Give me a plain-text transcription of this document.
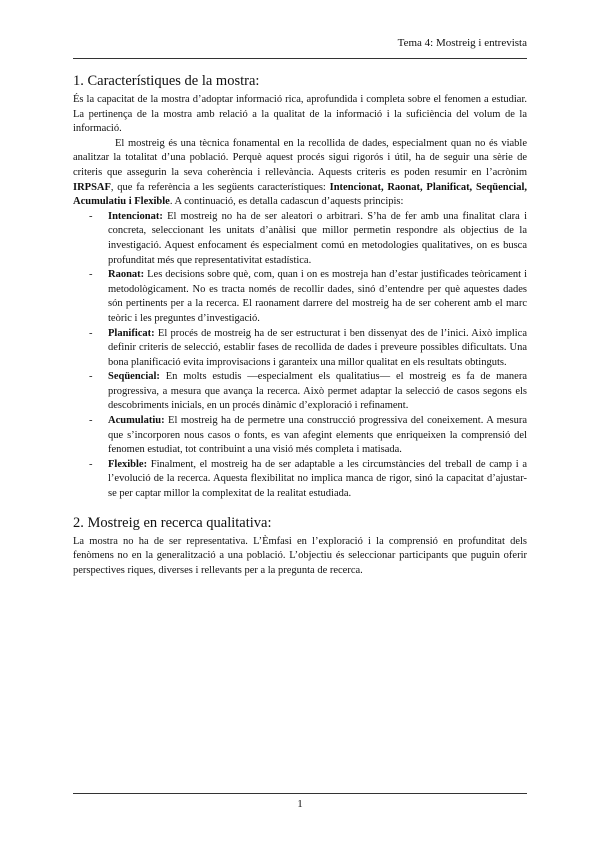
Tema 4: Mostreig i entrevista
1. Característiques de la mostra:

És la capacitat de la mostra d’adoptar informació rica, aprofundida i completa sobre el fenomen a estudiar. La pertinença de la mostra amb relació a la qualitat de la informació i la suficiència del volum de la informació.

El mostreig és una tècnica fonamental en la recollida de dades, especialment quan no és viable analitzar la totalitat d’una població. Perquè aquest procés sigui rigorós i útil, ha de seguir una sèrie de criteris que assegurin la seva coherència i rellevància. Aquests criteris es poden resumir en l’acrònim IRPSAF, que fa referència a les següents característiques: Intencionat, Raonat, Planificat, Seqüencial, Acumulatiu i Flexible. A continuació, es detalla cadascun d’aquests principis:

- Intencionat: El mostreig no ha de ser aleatori o arbitrari. S’ha de fer amb una finalitat clara i concreta, seleccionant les unitats d’anàlisi que millor permetin respondre als objectius de la investigació. Aquest enfocament és especialment comú en metodologies qualitatives, on es busca profunditat més que representativitat estadística.
- Raonat: Les decisions sobre què, com, quan i on es mostreja han d’estar justificades teòricament i metodològicament. No es tracta només de recollir dades, sinó d’entendre per què aquestes dades són pertinents per a la recerca. El raonament darrere del mostreig ha de ser coherent amb el marc teòric i les preguntes d’investigació.
- Planificat: El procés de mostreig ha de ser estructurat i ben dissenyat des de l’inici. Això implica definir criteris de selecció, establir fases de recollida de dades i preveure possibles dificultats. Una bona planificació evita improvisacions i garanteix una millor qualitat en els resultats obtinguts.
- Seqüencial: En molts estudis —especialment els qualitatius— el mostreig es fa de manera progressiva, a mesura que avança la recerca. Això permet adaptar la selecció de casos segons els descobriments inicials, en un procés dinàmic d’exploració i refinament.
- Acumulatiu: El mostreig ha de permetre una construcció progressiva del coneixement. A mesura que s’incorporen nous casos o fonts, es van afegint elements que enriqueixen la comprensió del fenomen estudiat, tot contribuint a una visió més completa i matisada.
- Flexible: Finalment, el mostreig ha de ser adaptable a les circumstàncies del treball de camp i a l’evolució de la recerca. Aquesta flexibilitat no implica manca de rigor, sinó la capacitat d’ajustar-se per captar millor la complexitat de la realitat estudiada.
2. Mostreig en recerca qualitativa:

La mostra no ha de ser representativa. L’Èmfasi en l’exploració i la comprensió en profunditat dels fenòmens no en la generalització a una població. L’objectiu és seleccionar participants que puguin oferir perspectives riques, diverses i rellevants per a la pregunta de recerca.

1
